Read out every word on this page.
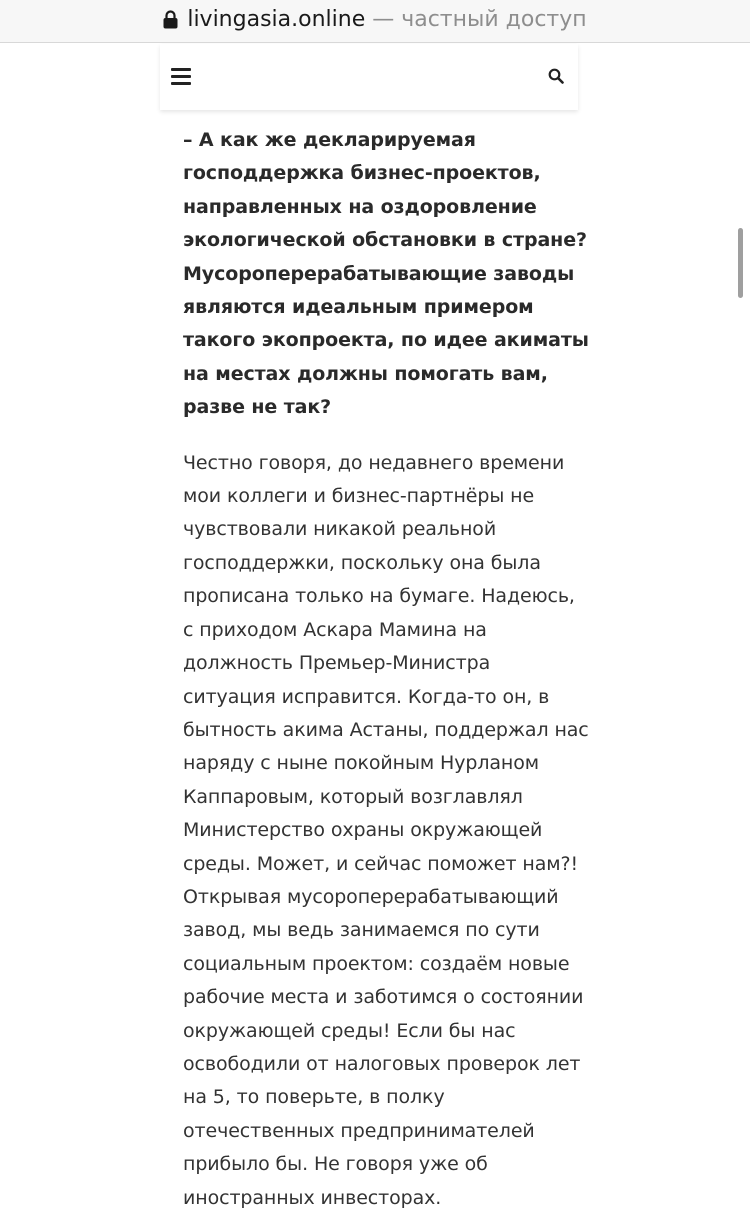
livingasia.online — частный доступ

– А как же декларируемая
господдержка бизнес-проектов,
направленных на оздоровление
экологической обстановки в стране?
Мусороперерабатывающие заводы
являются идеальным примером
такого экопроекта, по идее акиматы
на местах должны помогать вам,
разве не так?

Честно говоря, до недавнего времени
мои коллеги и бизнес-партнёры не
чувствовали никакой реальной
господдержки, поскольку она была
прописана только на бумаге. Надеюсь,
с приходом Аскара Мамина на
должность Премьер-Министра
ситуация исправится. Когда-то он, в
бытность акима Астаны, поддержал нас
наряду с ныне покойным Нурланом
Каппаровым, который возглавлял
Министерство охраны окружающей
среды. Может, и сейчас поможет нам?!
Открывая мусороперерабатывающий
завод, мы ведь занимаемся по сути
социальным проектом: создаём новые
рабочие места и заботимся о состоянии
окружающей среды! Если бы нас
освободили от налоговых проверок лет
на 5, то поверьте, в полку
отечественных предпринимателей
прибыло бы. Не говоря уже об
иностранных инвесторах.
